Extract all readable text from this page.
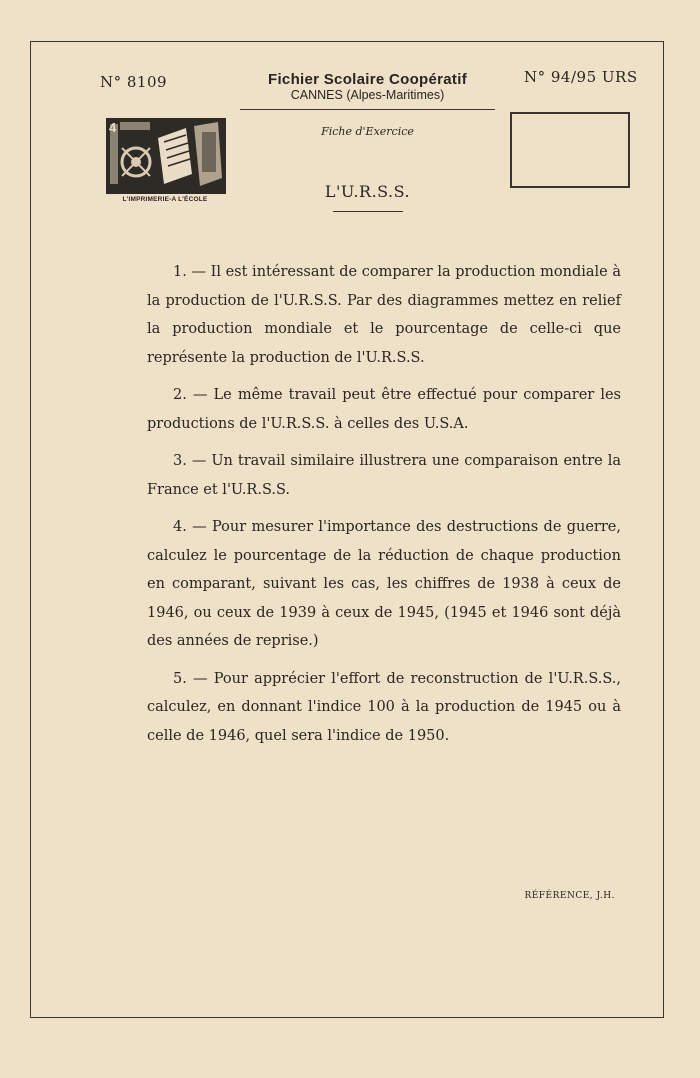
N° 8109	Fichier Scolaire Coopératif
CANNES (Alpes-Maritimes)
N° 94/95 URS
Fiche d'Exercice
4
L'IMPRIMERIE-A L'ÉCOLE	L'U.R.S.S.

1. — Il est intéressant de comparer la production mondiale à la production de l'U.R.S.S. Par des diagrammes mettez en relief la production mondiale et le pourcentage de celle-ci que représente la production de l'U.R.S.S.

2. — Le même travail peut être effectué pour comparer les productions de l'U.R.S.S. à celles des U.S.A.

3. — Un travail similaire illustrera une comparaison entre la France et l'U.R.S.S.

4. — Pour mesurer l'importance des destructions de guerre, calculez le pourcentage de la réduction de chaque production en comparant, suivant les cas, les chiffres de 1938 à ceux de 1946, ou ceux de 1939 à ceux de 1945, (1945 et 1946 sont déjà des années de reprise.)

5. — Pour apprécier l'effort de reconstruction de l'U.R.S.S., calculez, en donnant l'indice 100 à la production de 1945 ou à celle de 1946, quel sera l'indice de 1950.

RÉFÉRENCE, J.H.
